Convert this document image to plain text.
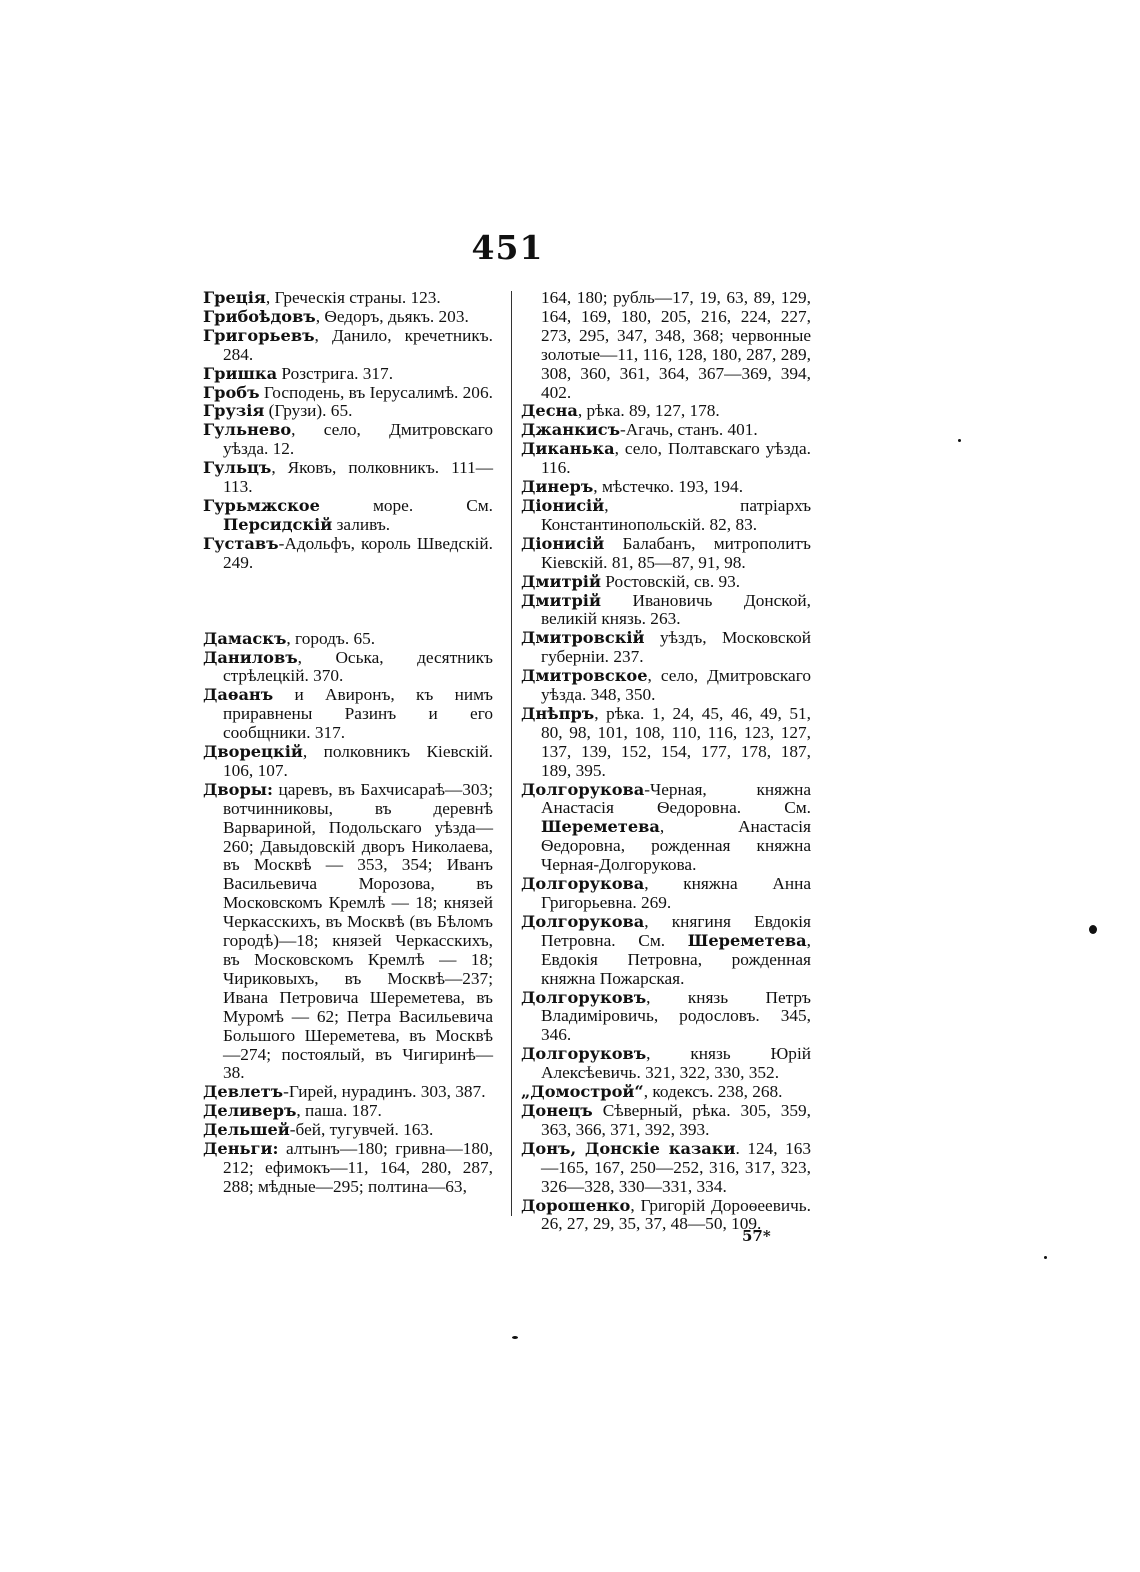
451

Греція, Греческія страны. 123.

Грибоѣдовъ, Ѳедоръ, дьякъ. 203.

Григорьевъ, Данило, кречетникъ. 284.

Гришка Розстрига. 317.

Гробъ Господень, въ Іерусалимѣ. 206.

Грузія (Грузи). 65.

Гульнево, село, Дмитровскаго уѣзда. 12.

Гульцъ, Яковъ, полковникъ. 111—113.

Гурьмжское море. См. Персидскій заливъ.

Густавъ-Адольфъ, король Шведскій. 249.

Дамаскъ, городъ. 65.

Даниловъ, Оська, десятникъ стрѣлецкій. 370.

Даѳанъ и Авиронъ, къ нимъ приравнены Разинъ и его сообщники. 317.

Дворецкій, полковникъ Кіевскій. 106, 107.

Дворы: царевъ, въ Бахчисараѣ—303; вотчинниковы, въ деревнѣ Варвариной, Подольскаго уѣзда—260; Давыдовскій дворъ Николаева, въ Москвѣ — 353, 354; Иванъ Васильевича Морозова, въ Московскомъ Кремлѣ — 18; князей Черкасскихъ, въ Москвѣ (въ Бѣломъ городѣ)—18; князей Черкасскихъ, въ Московскомъ Кремлѣ — 18; Чириковыхъ, въ Москвѣ—237; Ивана Петровича Шереметева, въ Муромѣ — 62; Петра Васильевича Большого Шереметева, въ Москвѣ—274; постоялый, въ Чигиринѣ—38.

Девлетъ-Гирей, нурадинъ. 303, 387.

Деливеръ, паша. 187.

Дельшей-бей, тугувчей. 163.

Деньги: алтынъ—180; гривна—180, 212; ефимокъ—11, 164, 280, 287, 288; мѣдные—295; полтина—63,

164, 180; рубль—17, 19, 63, 89, 129, 164, 169, 180, 205, 216, 224, 227, 273, 295, 347, 348, 368; червонные золотые—11, 116, 128, 180, 287, 289, 308, 360, 361, 364, 367—369, 394, 402.

Десна, рѣка. 89, 127, 178.

Джанкисъ-Агачь, станъ. 401.

Диканька, село, Полтавскаго уѣзда. 116.

Динеръ, мѣстечко. 193, 194.

Діонисій, патріархъ Константинопольскій. 82, 83.

Діонисій Балабанъ, митрополитъ Кіевскій. 81, 85—87, 91, 98.

Дмитрій Ростовскій, св. 93.

Дмитрій Ивановичь Донской, великій князь. 263.

Дмитровскій уѣздъ, Московской губерніи. 237.

Дмитровское, село, Дмитровскаго уѣзда. 348, 350.

Днѣпръ, рѣка. 1, 24, 45, 46, 49, 51, 80, 98, 101, 108, 110, 116, 123, 127, 137, 139, 152, 154, 177, 178, 187, 189, 395.

Долгорукова-Черная, княжна Анастасія Ѳедоровна. См. Шереметева, Анастасія Ѳедоровна, рожденная княжна Черная-Долгорукова.

Долгорукова, княжна Анна Григорьевна. 269.

Долгорукова, княгиня Евдокія Петровна. См. Шереметева, Евдокія Петровна, рожденная княжна Пожарская.

Долгоруковъ, князь Петръ Владиміровичь, родословъ. 345, 346.

Долгоруковъ, князь Юрій Алексѣевичь. 321, 322, 330, 352.

„Домострой“, кодексъ. 238, 268.

Донецъ Сѣверный, рѣка. 305, 359, 363, 366, 371, 392, 393.

Донъ, Донскіе казаки. 124, 163—165, 167, 250—252, 316, 317, 323, 326—328, 330—331, 334.

Дорошенко, Григорій Дороѳеевичь. 26, 27, 29, 35, 37, 48—50, 109.

57*
